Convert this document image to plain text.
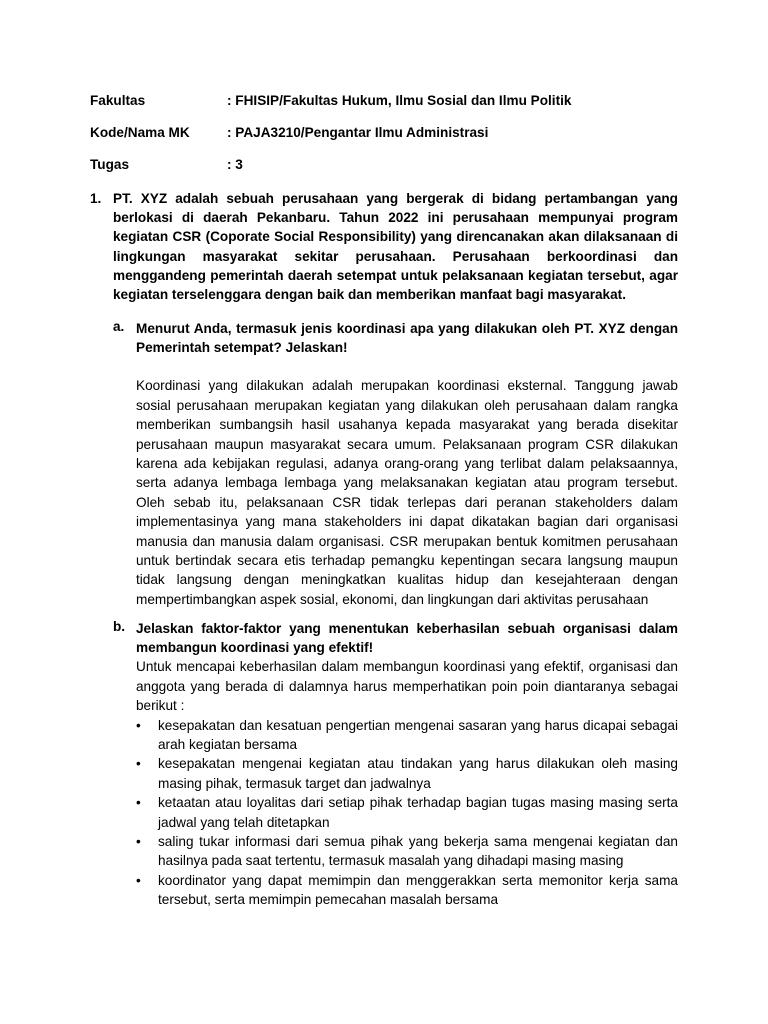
Fakultas	: FHISIP/Fakultas Hukum, Ilmu Sosial dan Ilmu Politik
Kode/Nama MK	: PAJA3210/Pengantar Ilmu Administrasi
Tugas	: 3
1. PT. XYZ adalah sebuah perusahaan yang bergerak di bidang pertambangan yang berlokasi di daerah Pekanbaru. Tahun 2022 ini perusahaan mempunyai program kegiatan CSR (Coporate Social Responsibility) yang direncanakan akan dilaksanaan di lingkungan masyarakat sekitar perusahaan. Perusahaan berkoordinasi dan menggandeng pemerintah daerah setempat untuk pelaksanaan kegiatan tersebut, agar kegiatan terselenggara dengan baik dan memberikan manfaat bagi masyarakat.
a. Menurut Anda, termasuk jenis koordinasi apa yang dilakukan oleh PT. XYZ dengan Pemerintah setempat? Jelaskan!
Koordinasi yang dilakukan adalah merupakan koordinasi eksternal. Tanggung jawab sosial perusahaan merupakan kegiatan yang dilakukan oleh perusahaan dalam rangka memberikan sumbangsih hasil usahanya kepada masyarakat yang berada disekitar perusahaan maupun masyarakat secara umum. Pelaksanaan program CSR dilakukan karena ada kebijakan regulasi, adanya orang-orang yang terlibat dalam pelaksaannya, serta adanya lembaga lembaga yang melaksanakan kegiatan atau program tersebut. Oleh sebab itu, pelaksanaan CSR tidak terlepas dari peranan stakeholders dalam implementasinya yang mana stakeholders ini dapat dikatakan bagian dari organisasi manusia dan manusia dalam organisasi. CSR merupakan bentuk komitmen perusahaan untuk bertindak secara etis terhadap pemangku kepentingan secara langsung maupun tidak langsung dengan meningkatkan kualitas hidup dan kesejahteraan dengan mempertimbangkan aspek sosial, ekonomi, dan lingkungan dari aktivitas perusahaan
b. Jelaskan faktor-faktor yang menentukan keberhasilan sebuah organisasi dalam membangun koordinasi yang efektif!
Untuk mencapai keberhasilan dalam membangun koordinasi yang efektif, organisasi dan anggota yang berada di dalamnya harus memperhatikan poin poin diantaranya sebagai berikut :
• kesepakatan dan kesatuan pengertian mengenai sasaran yang harus dicapai sebagai arah kegiatan bersama
• kesepakatan mengenai kegiatan atau tindakan yang harus dilakukan oleh masing masing pihak, termasuk target dan jadwalnya
• ketaatan atau loyalitas dari setiap pihak terhadap bagian tugas masing masing serta jadwal yang telah ditetapkan
• saling tukar informasi dari semua pihak yang bekerja sama mengenai kegiatan dan hasilnya pada saat tertentu, termasuk masalah yang dihadapi masing masing
• koordinator yang dapat memimpin dan menggerakkan serta memonitor kerja sama tersebut, serta memimpin pemecahan masalah bersama
